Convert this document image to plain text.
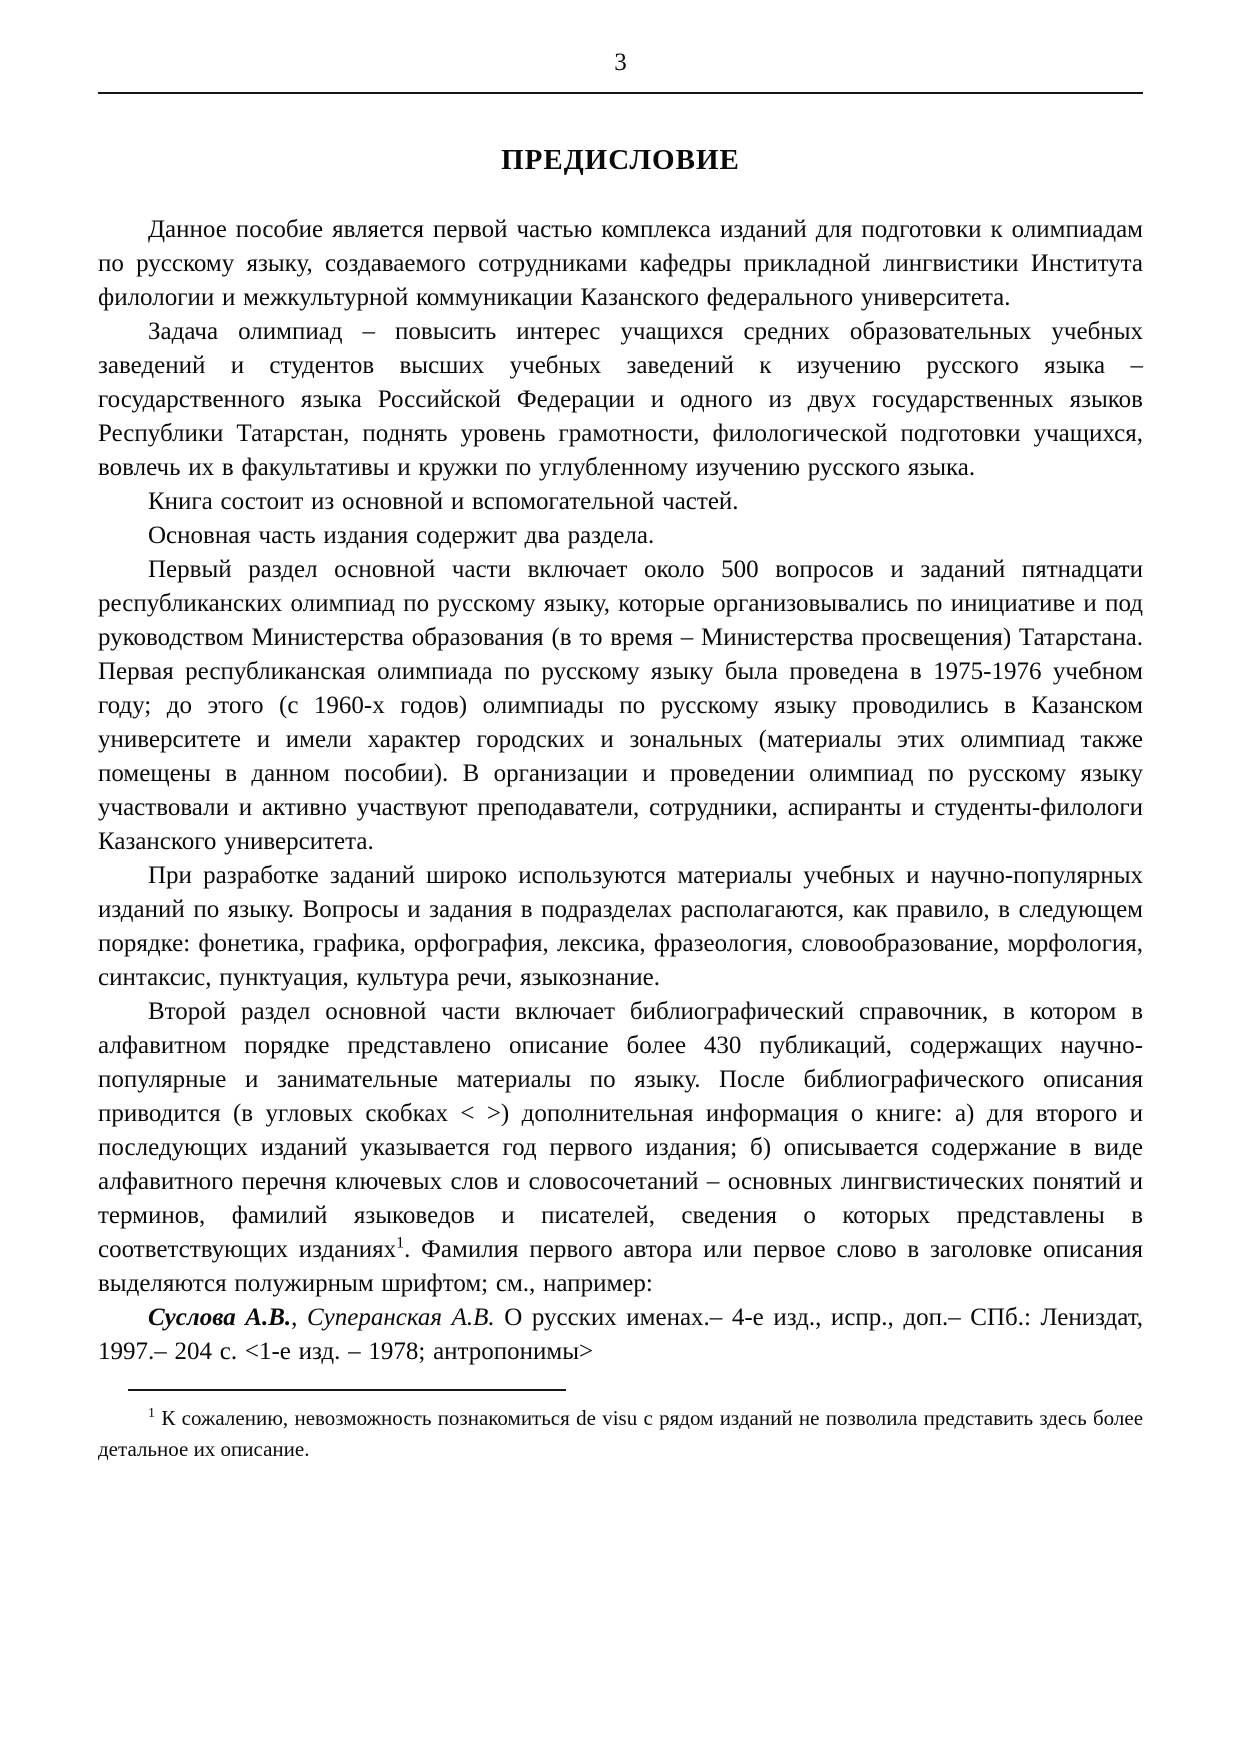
3
ПРЕДИСЛОВИЕ

Данное пособие является первой частью комплекса изданий для подготовки к олимпиадам по русскому языку, создаваемого сотрудниками кафедры прикладной лингвистики Института филологии и межкультурной коммуникации Казанского федерального университета.

Задача олимпиад – повысить интерес учащихся средних образовательных учебных заведений и студентов высших учебных заведений к изучению русского языка – государственного языка Российской Федерации и одного из двух государственных языков Республики Татарстан, поднять уровень грамотности, филологической подготовки учащихся, вовлечь их в факультативы и кружки по углубленному изучению русского языка.

Книга состоит из основной и вспомогательной частей.

Основная часть издания содержит два раздела.

Первый раздел основной части включает около 500 вопросов и заданий пятнадцати республиканских олимпиад по русскому языку, которые организовывались по инициативе и под руководством Министерства образования (в то время – Министерства просвещения) Татарстана. Первая республиканская олимпиада по русскому языку была проведена в 1975-1976 учебном году; до этого (с 1960-х годов) олимпиады по русскому языку проводились в Казанском университете и имели характер городских и зональных (материалы этих олимпиад также помещены в данном пособии). В организации и проведении олимпиад по русскому языку участвовали и активно участвуют преподаватели, сотрудники, аспиранты и студенты-филологи Казанского университета.

При разработке заданий широко используются материалы учебных и научно-популярных изданий по языку. Вопросы и задания в подразделах располагаются, как правило, в следующем порядке: фонетика, графика, орфография, лексика, фразеология, словообразование, морфология, синтаксис, пунктуация, культура речи, языкознание.

Второй раздел основной части включает библиографический справочник, в котором в алфавитном порядке представлено описание более 430 публикаций, содержащих научно-популярные и занимательные материалы по языку. После библиографического описания приводится (в угловых скобках < >) дополнительная информация о книге: а) для второго и последующих изданий указывается год первого издания; б) описывается содержание в виде алфавитного перечня ключевых слов и словосочетаний – основных лингвистических понятий и терминов, фамилий языковедов и писателей, сведения о которых представлены в соответствующих изданиях$^1$. Фамилия первого автора или первое слово в заголовке описания выделяются полужирным шрифтом; см., например:

Суслова А.В., Суперанская А.В. О русских именах.– 4-е изд., испр., доп.– СПб.: Лениздат, 1997.– 204 с. <1-е изд. – 1978; антропонимы>

$^1$ К сожалению, невозможность познакомиться de visu с рядом изданий не позволила представить здесь более детальное их описание.
